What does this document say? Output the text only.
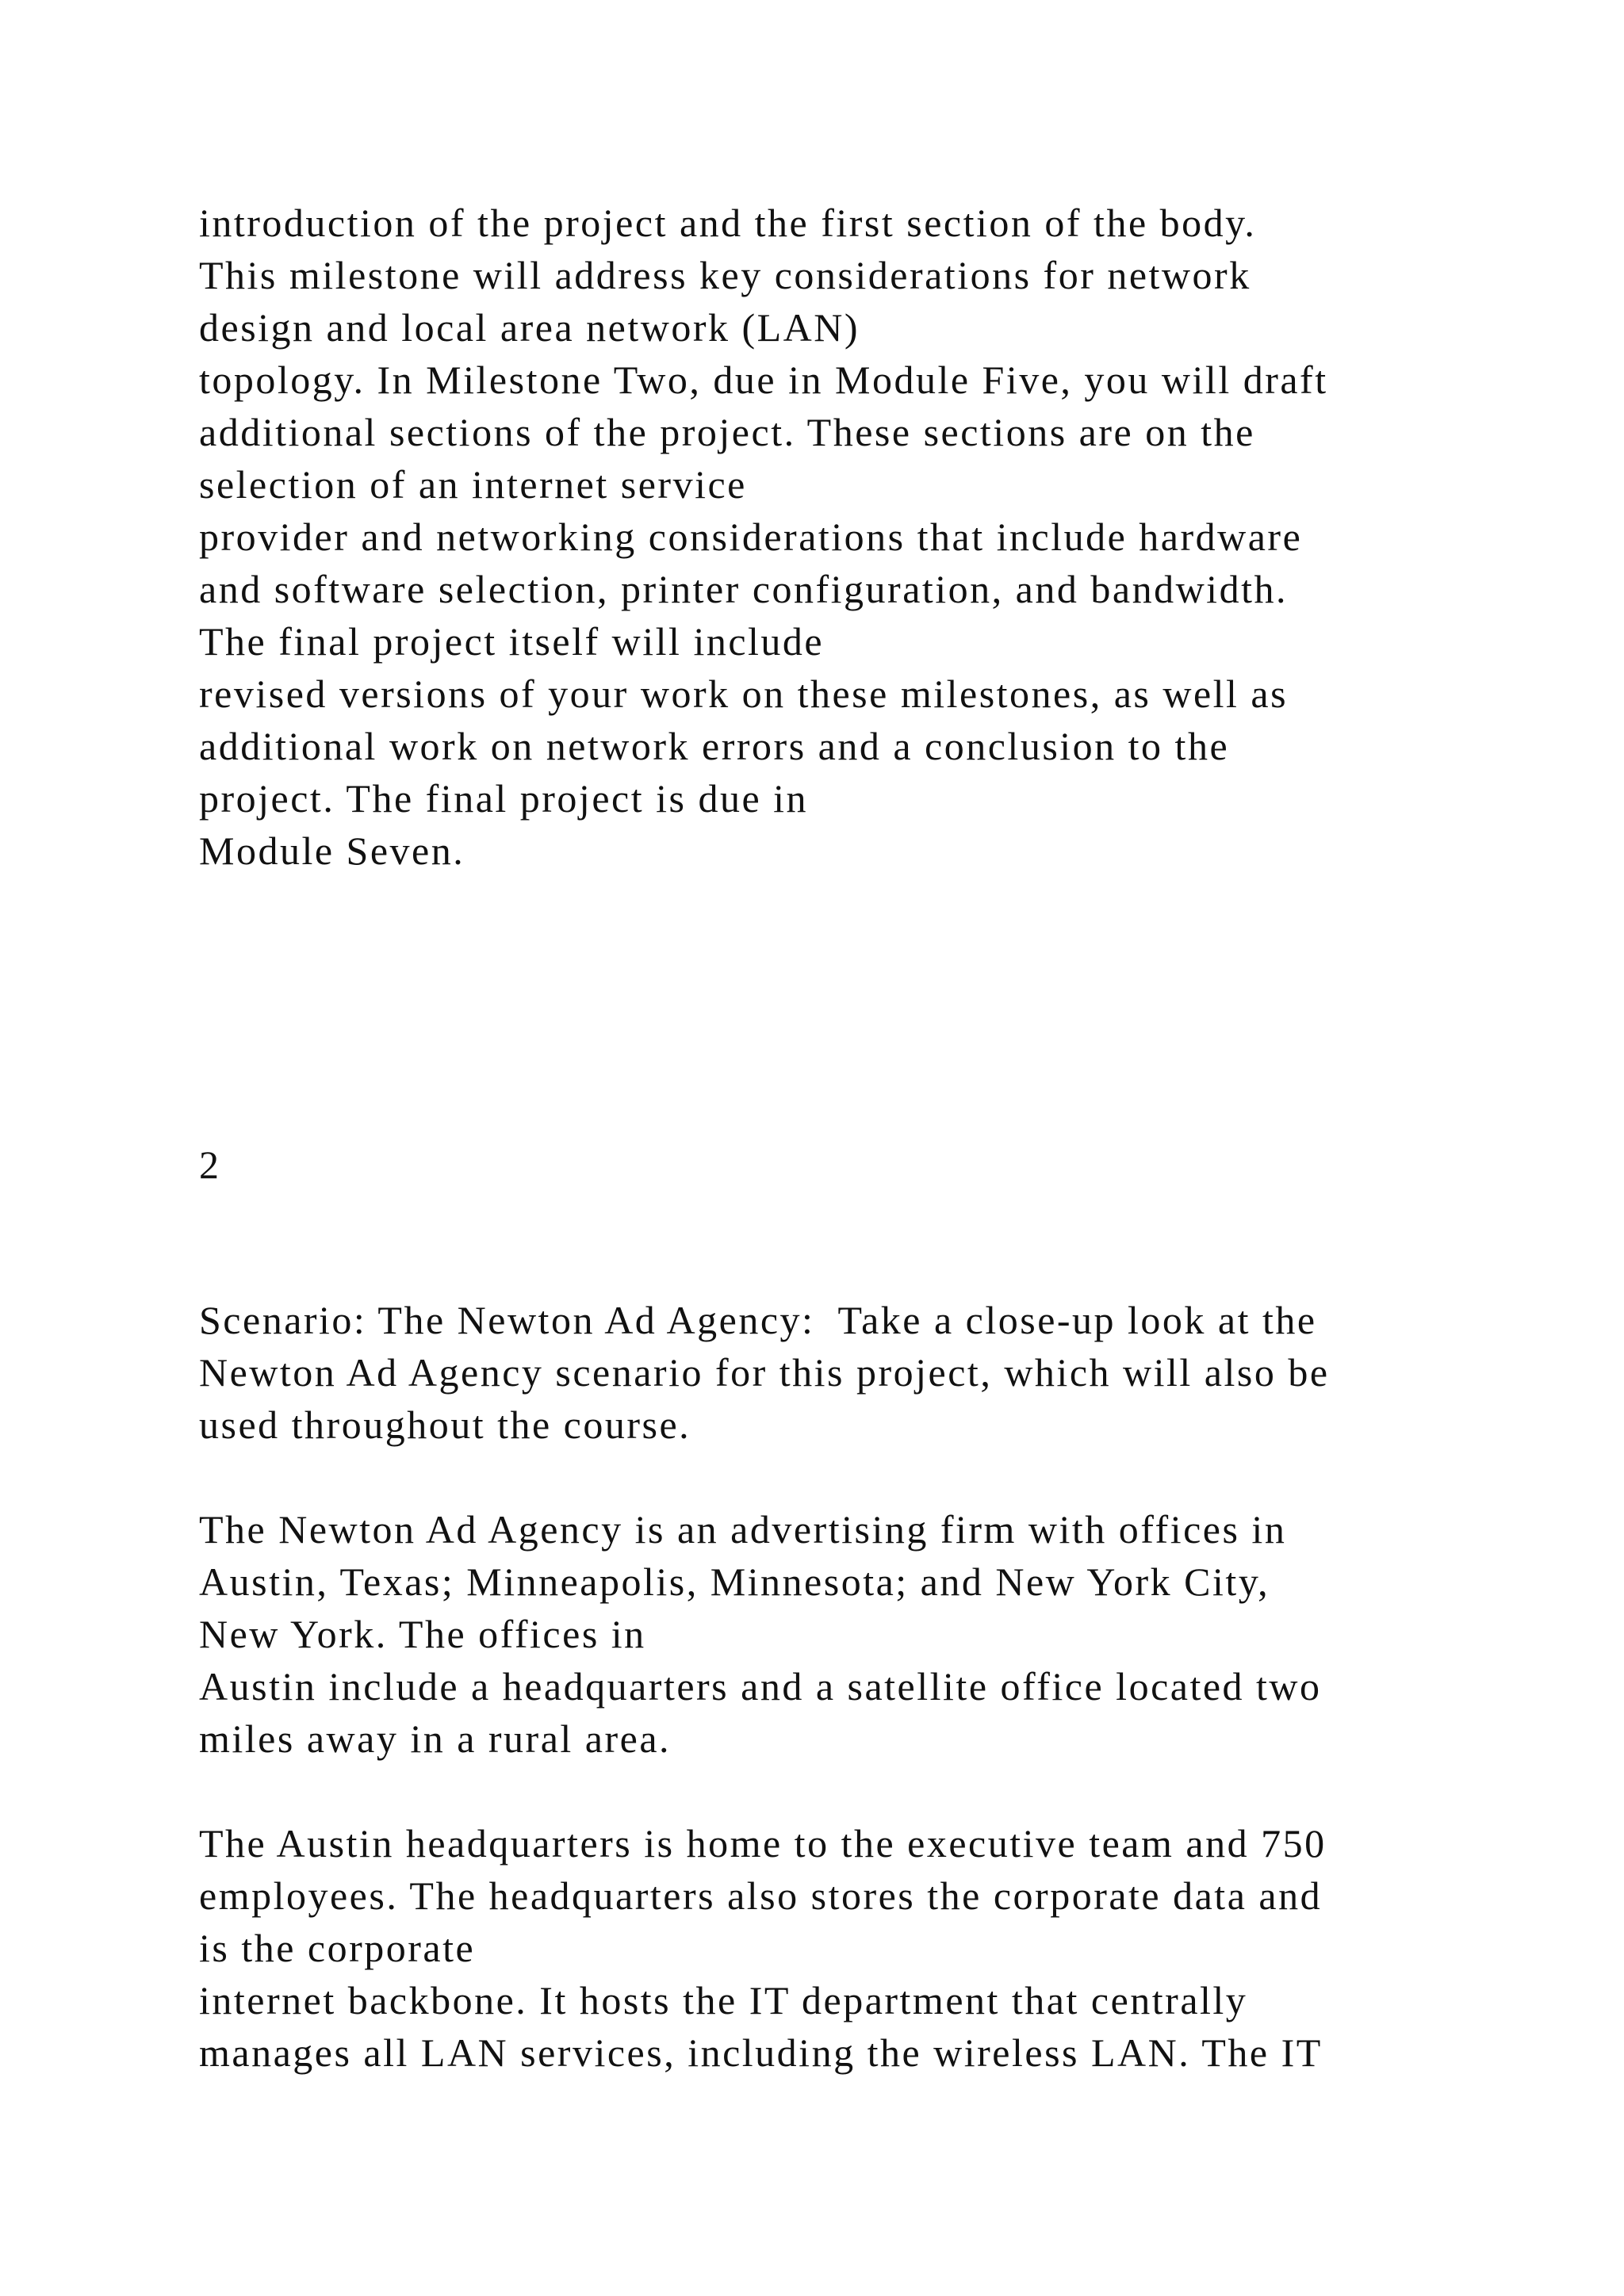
introduction of the project and the first section of the body.
This milestone will address key considerations for network
design and local area network (LAN)
topology. In Milestone Two, due in Module Five, you will draft
additional sections of the project. These sections are on the
selection of an internet service
provider and networking considerations that include hardware
and software selection, printer configuration, and bandwidth.
The final project itself will include
revised versions of your work on these milestones, as well as
additional work on network errors and a conclusion to the
project. The final project is due in
Module Seven.
2
Scenario: The Newton Ad Agency:  Take a close-up look at the
Newton Ad Agency scenario for this project, which will also be
used throughout the course.
The Newton Ad Agency is an advertising firm with offices in
Austin, Texas; Minneapolis, Minnesota; and New York City,
New York. The offices in
Austin include a headquarters and a satellite office located two
miles away in a rural area.
The Austin headquarters is home to the executive team and 750
employees. The headquarters also stores the corporate data and
is the corporate
internet backbone. It hosts the IT department that centrally
manages all LAN services, including the wireless LAN. The IT
